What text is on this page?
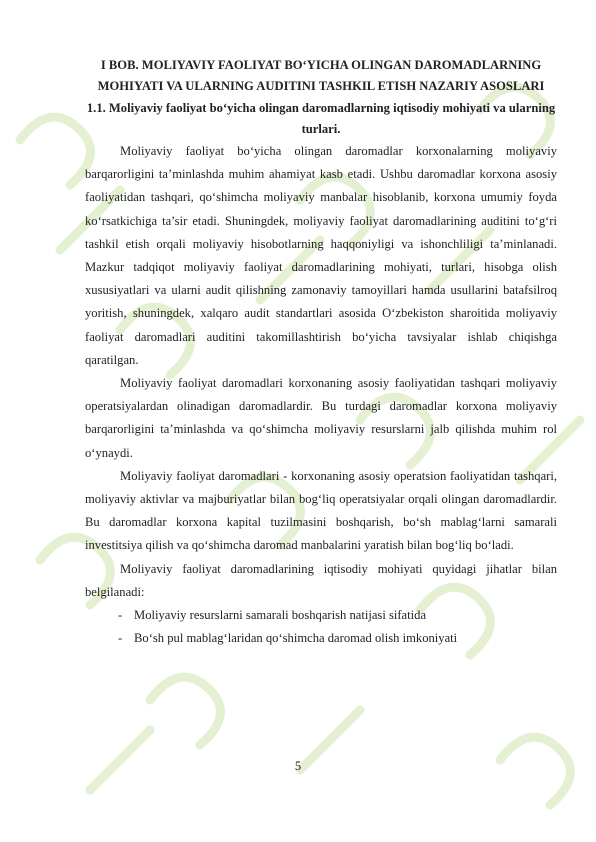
I BOB. MOLIYAVIY FAOLIYAT BO‘YICHA OLINGAN DAROMADLARNING MOHIYATI VA ULARNING AUDITINI TASHKIL ETISH NAZARIY ASOSLARI
1.1. Moliyaviy faoliyat bo‘yicha olingan daromadlarning iqtisodiy mohiyati va ularning turlari.

Moliyaviy faoliyat bo‘yicha olingan daromadlar korxonalarning moliyaviy barqarorligini ta’minlashda muhim ahamiyat kasb etadi. Ushbu daromadlar korxona asosiy faoliyatidan tashqari, qo‘shimcha moliyaviy manbalar hisoblanib, korxona umumiy foyda ko‘rsatkichiga ta’sir etadi. Shuningdek, moliyaviy faoliyat daromadlarining auditini to‘g‘ri tashkil etish orqali moliyaviy hisobotlarning haqqoniyligi va ishonchliligi ta’minlanadi. Mazkur tadqiqot moliyaviy faoliyat daromadlarining mohiyati, turlari, hisobga olish xususiyatlari va ularni audit qilishning zamonaviy tamoyillari hamda usullarini batafsilroq yoritish, shuningdek, xalqaro audit standartlari asosida O‘zbekiston sharoitida moliyaviy faoliyat daromadlari auditini takomillashtirish bo‘yicha tavsiyalar ishlab chiqishga qaratilgan.

Moliyaviy faoliyat daromadlari korxonaning asosiy faoliyatidan tashqari moliyaviy operatsiyalardan olinadigan daromadlardir. Bu turdagi daromadlar korxona moliyaviy barqarorligini ta’minlashda va qo‘shimcha moliyaviy resurslarni jalb qilishda muhim rol o‘ynaydi.

Moliyaviy faoliyat daromadlari - korxonaning asosiy operatsion faoliyatidan tashqari, moliyaviy aktivlar va majburiyatlar bilan bog‘liq operatsiyalar orqali olingan daromadlardir. Bu daromadlar korxona kapital tuzilmasini boshqarish, bo‘sh mablag‘larni samarali investitsiya qilish va qo‘shimcha daromad manbalarini yaratish bilan bog‘liq bo‘ladi.

Moliyaviy faoliyat daromadlarining iqtisodiy mohiyati quyidagi jihatlar bilan belgilanadi:

- Moliyaviy resurslarni samarali boshqarish natijasi sifatida
- Bo‘sh pul mablag‘laridan qo‘shimcha daromad olish imkoniyati
5
